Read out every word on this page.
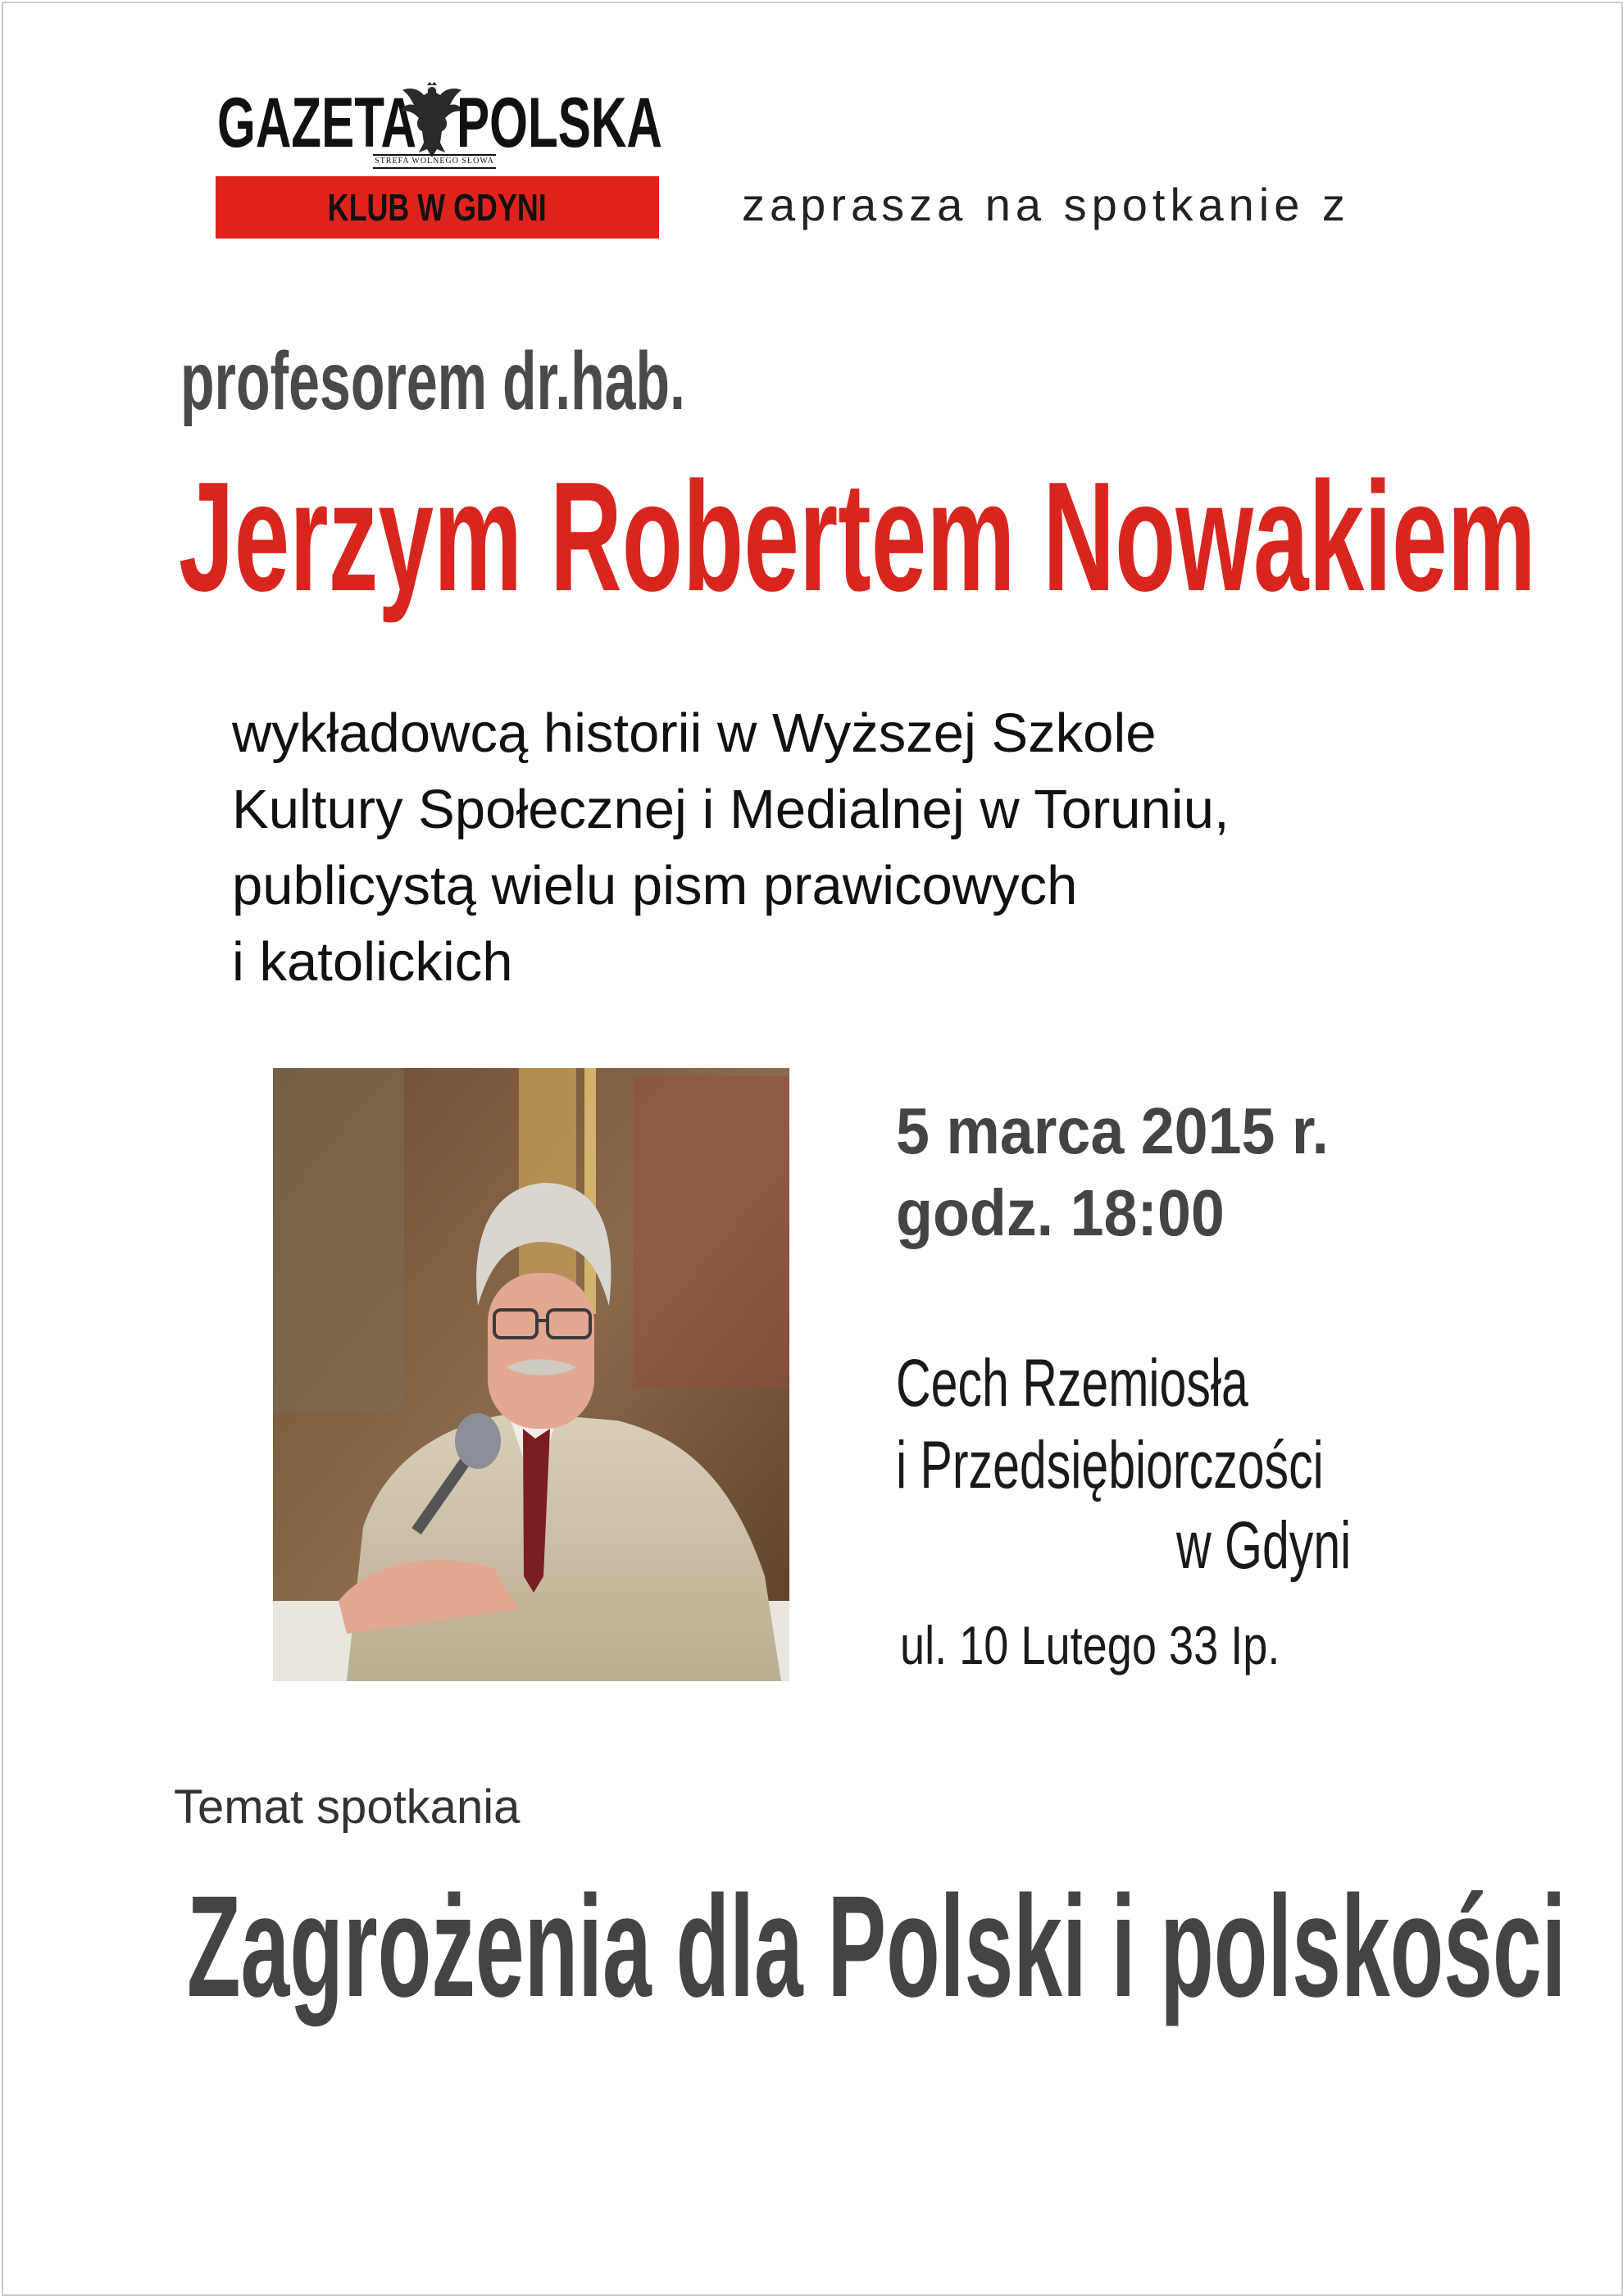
GAZETA POLSKA
STREFA WOLNEGO SŁOWA
KLUB W GDYNI	zaprasza na spotkanie z
profesorem dr.hab.
Jerzym Robertem Nowakiem
wykładowcą historii w Wyższej Szkole
Kultury Społecznej i Medialnej w Toruniu,
publicystą wielu pism prawicowych
i katolickich
5 marca 2015 r.
godz. 18:00
Cech Rzemiosła
i Przedsiębiorczości
w Gdyni
ul. 10 Lutego 33 Ip.
Temat spotkania
Zagrożenia dla Polski i polskości
